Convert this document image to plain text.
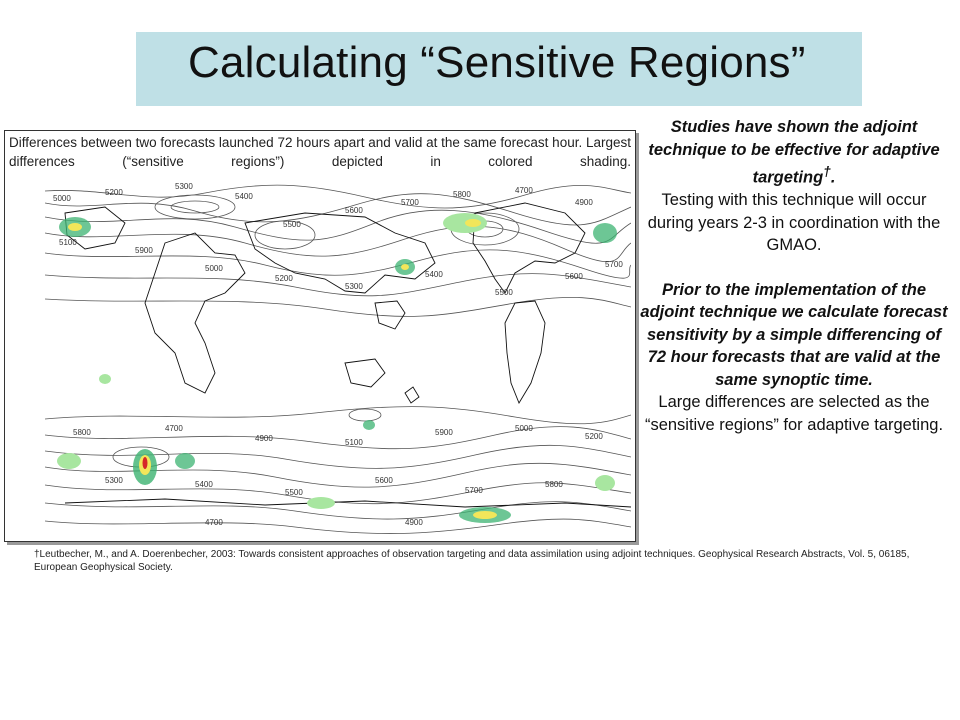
Calculating “Sensitive Regions”
Differences between two forecasts launched 72 hours apart and valid at the same forecast hour. Largest differences (“sensitive regions”) depicted in colored shading.
5000
5200
5300
5400
5500
5600
5700
5800	4700
4900
5100
5900
5000
5200
5300
5400
5500
5600
5700
5800	4700
4900	5100
5900	5000
5200
5300	5400
5500
5600
5700
5800
4700	4900

Studies have shown the adjoint technique to be effective for adaptive targeting†.
Testing with this technique will occur during years 2-3 in coordination with the GMAO.

Prior to the implementation of the adjoint technique we calculate forecast sensitivity by a simple differencing of 72 hour forecasts that are valid at the same synoptic time.
Large differences are selected as the “sensitive regions” for adaptive targeting.

†Leutbecher, M., and A. Doerenbecher, 2003: Towards consistent approaches of observation targeting and data assimilation using adjoint techniques. Geophysical Research Abstracts, Vol. 5, 06185, European Geophysical Society.
